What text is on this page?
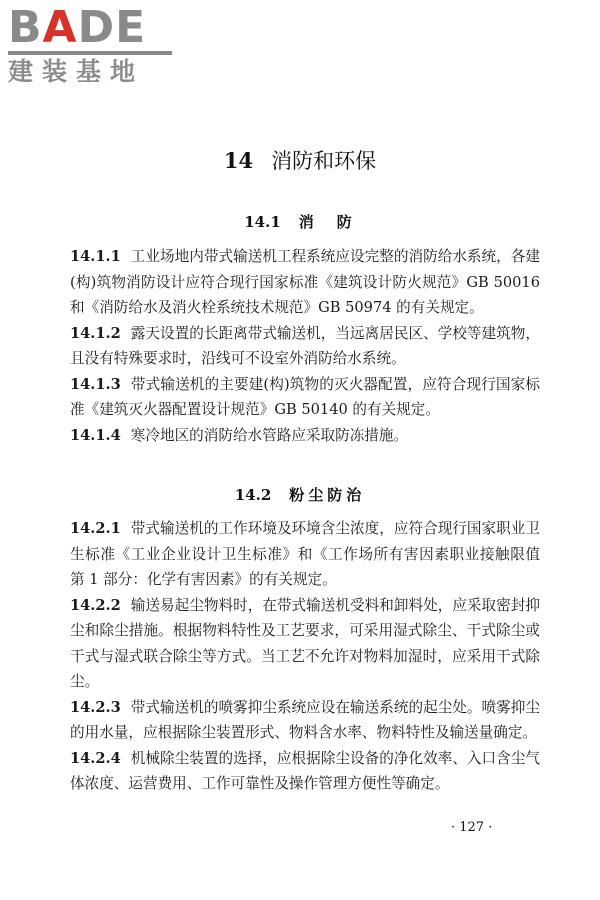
BADE
建装基地
14 消防和环保
14.1 消　防

14.1.1 工业场地内带式输送机工程系统应设完整的消防给水系统，各建(构)筑物消防设计应符合现行国家标准《建筑设计防火规范》GB 50016 和《消防给水及消火栓系统技术规范》GB 50974 的有关规定。

14.1.2 露天设置的长距离带式输送机，当远离居民区、学校等建筑物，且没有特殊要求时，沿线可不设室外消防给水系统。

14.1.3 带式输送机的主要建(构)筑物的灭火器配置，应符合现行国家标准《建筑灭火器配置设计规范》GB 50140 的有关规定。

14.1.4 寒冷地区的消防给水管路应采取防冻措施。

14.2 粉尘防治

14.2.1 带式输送机的工作环境及环境含尘浓度，应符合现行国家职业卫生标准《工业企业设计卫生标准》和《工作场所有害因素职业接触限值　第 1 部分：化学有害因素》的有关规定。

14.2.2 输送易起尘物料时，在带式输送机受料和卸料处，应采取密封抑尘和除尘措施。根据物料特性及工艺要求，可采用湿式除尘、干式除尘或干式与湿式联合除尘等方式。当工艺不允许对物料加湿时，应采用干式除尘。

14.2.3 带式输送机的喷雾抑尘系统应设在输送系统的起尘处。喷雾抑尘的用水量，应根据除尘装置形式、物料含水率、物料特性及输送量确定。

14.2.4 机械除尘装置的选择，应根据除尘设备的净化效率、入口含尘气体浓度、运营费用、工作可靠性及操作管理方便性等确定。

· 127 ·
